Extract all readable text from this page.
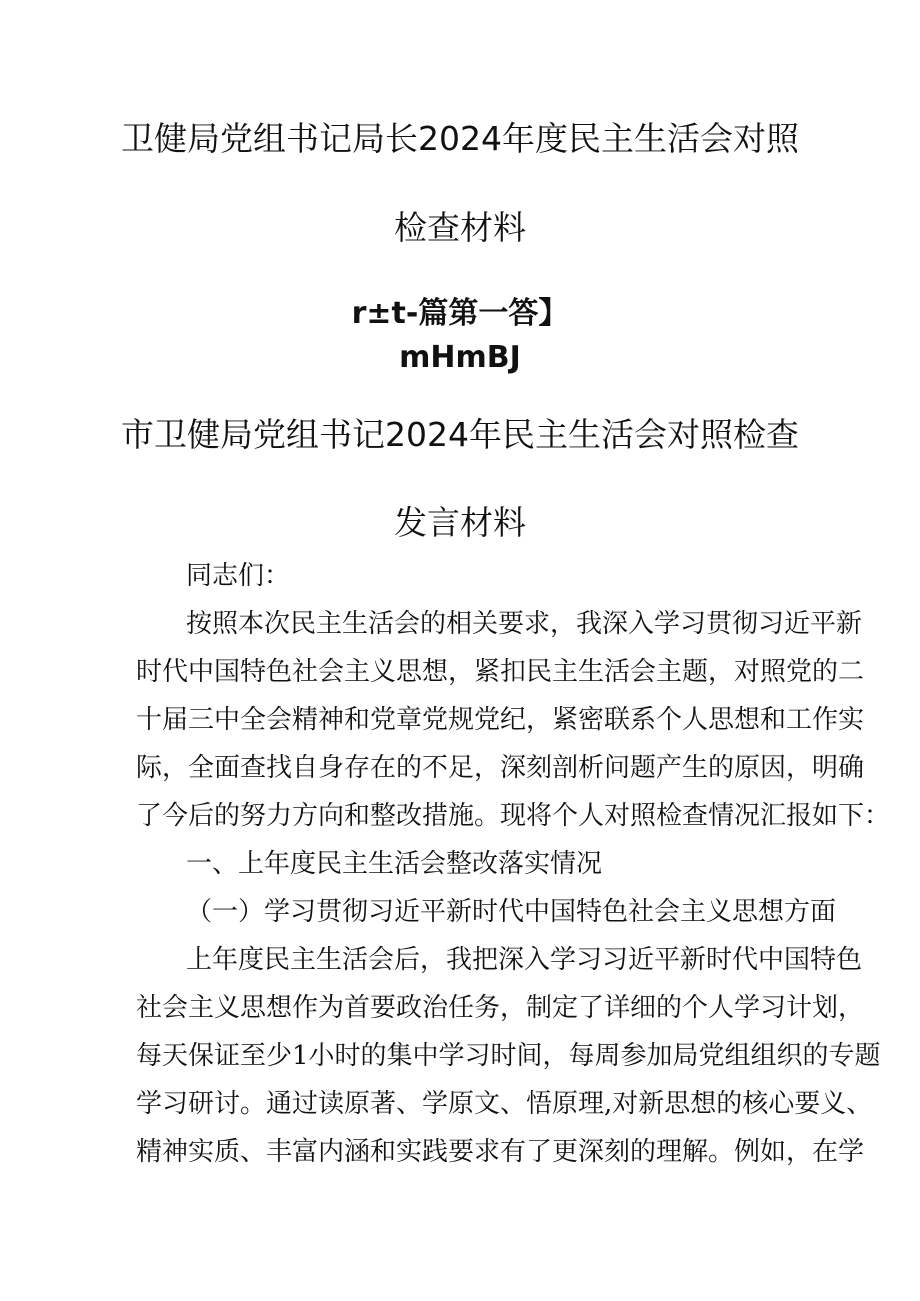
卫健局党组书记局长2024年度民主生活会对照
检查材料
r±t-篇第一答】
mHmBJ
市卫健局党组书记2024年民主生活会对照检查
发言材料
同志们：
按照本次民主生活会的相关要求，我深入学习贯彻习近平新
时代中国特色社会主义思想，紧扣民主生活会主题，对照党的二
十届三中全会精神和党章党规党纪，紧密联系个人思想和工作实
际，全面查找自身存在的不足，深刻剖析问题产生的原因，明确
了今后的努力方向和整改措施。现将个人对照检查情况汇报如下：
一、上年度民主生活会整改落实情况
（一）学习贯彻习近平新时代中国特色社会主义思想方面
上年度民主生活会后，我把深入学习习近平新时代中国特色
社会主义思想作为首要政治任务，制定了详细的个人学习计划，
每天保证至少1小时的集中学习时间，每周参加局党组组织的专题
学习研讨。通过读原著、学原文、悟原理,对新思想的核心要义、
精神实质、丰富内涵和实践要求有了更深刻的理解。例如，在学
